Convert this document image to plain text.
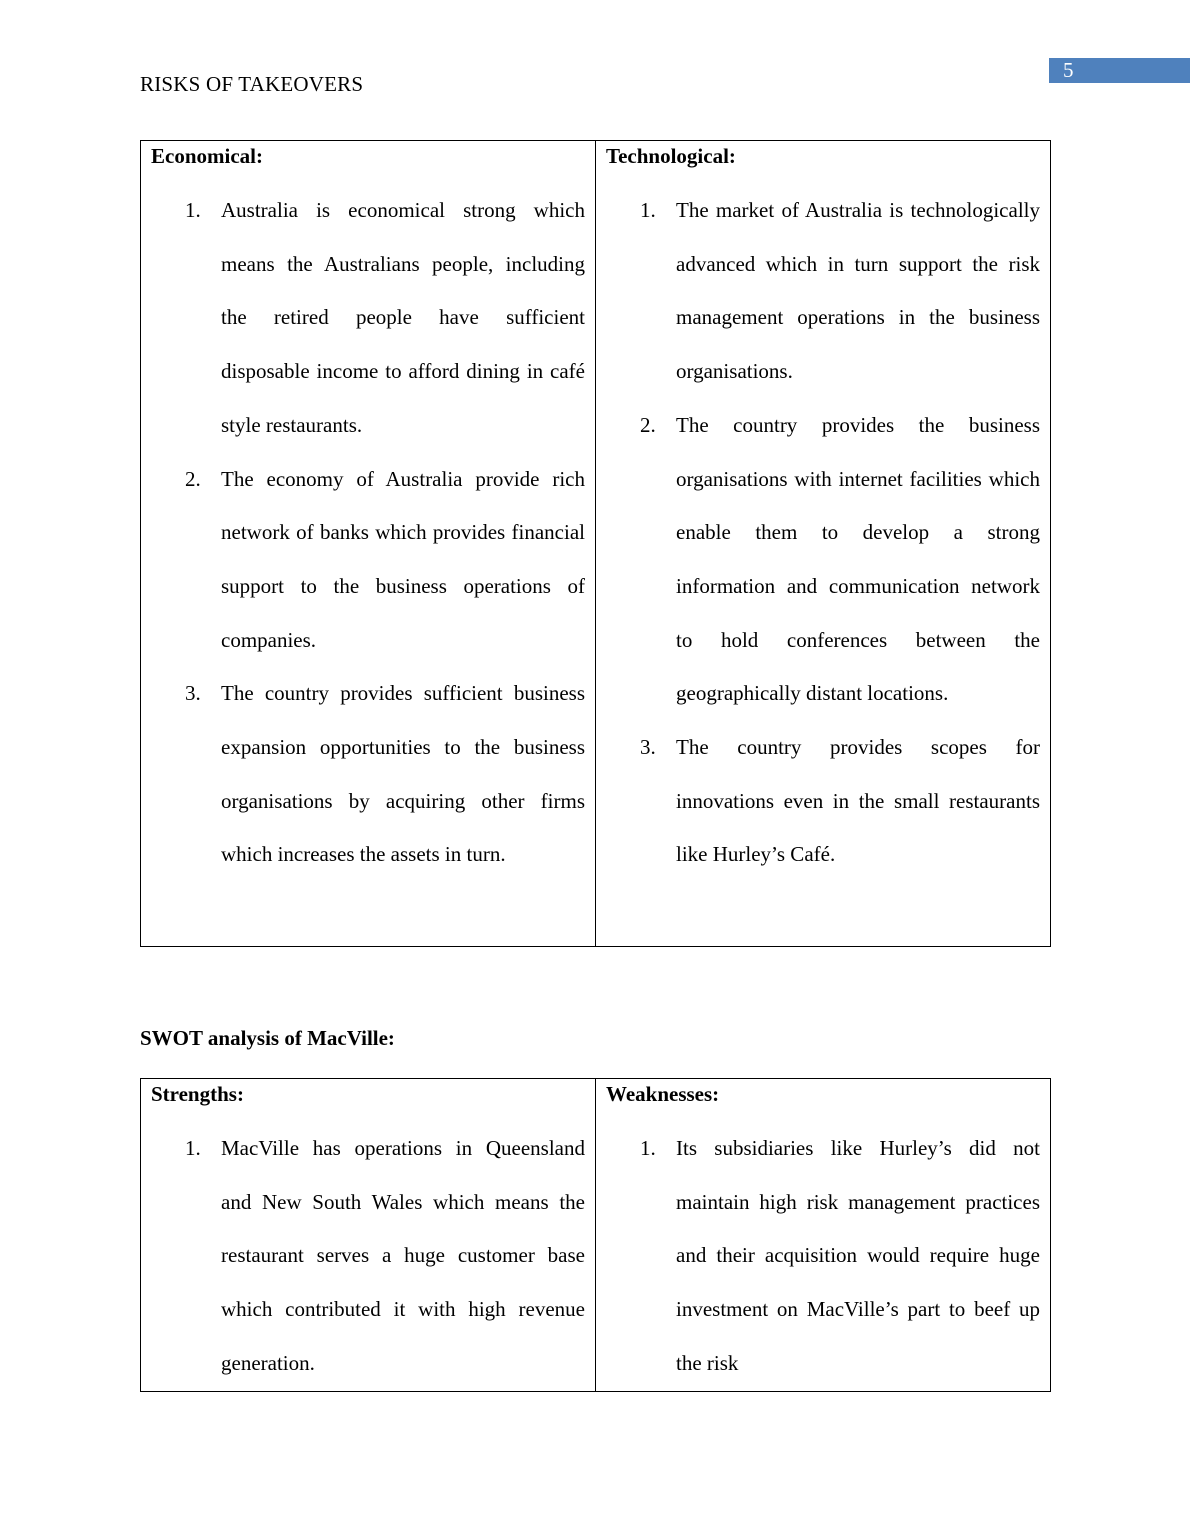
5
RISKS OF TAKEOVERS

Economical:

1. Australia is economical strong which means the Australians people, including the retired people have sufficient disposable income to afford dining in café style restaurants.
2. The economy of Australia provide rich network of banks which provides financial support to the business operations of companies.
3. The country provides sufficient business expansion opportunities to the business organisations by acquiring other firms which increases the assets in turn.

Technological:

1. The market of Australia is technologically advanced which in turn support the risk management operations in the business organisations.
2. The country provides the business organisations with internet facilities which enable them to develop a strong information and communication network to hold conferences between the geographically distant locations.
3. The country provides scopes for innovations even in the small restaurants like Hurley’s Café.
SWOT analysis of MacVille:

Strengths:

1. MacVille has operations in Queensland and New South Wales which means the restaurant serves a huge customer base which contributed it with high revenue generation.

Weaknesses:

1. Its subsidiaries like Hurley’s did not maintain high risk management practices and their acquisition would require huge investment on MacVille’s part to beef up the risk
